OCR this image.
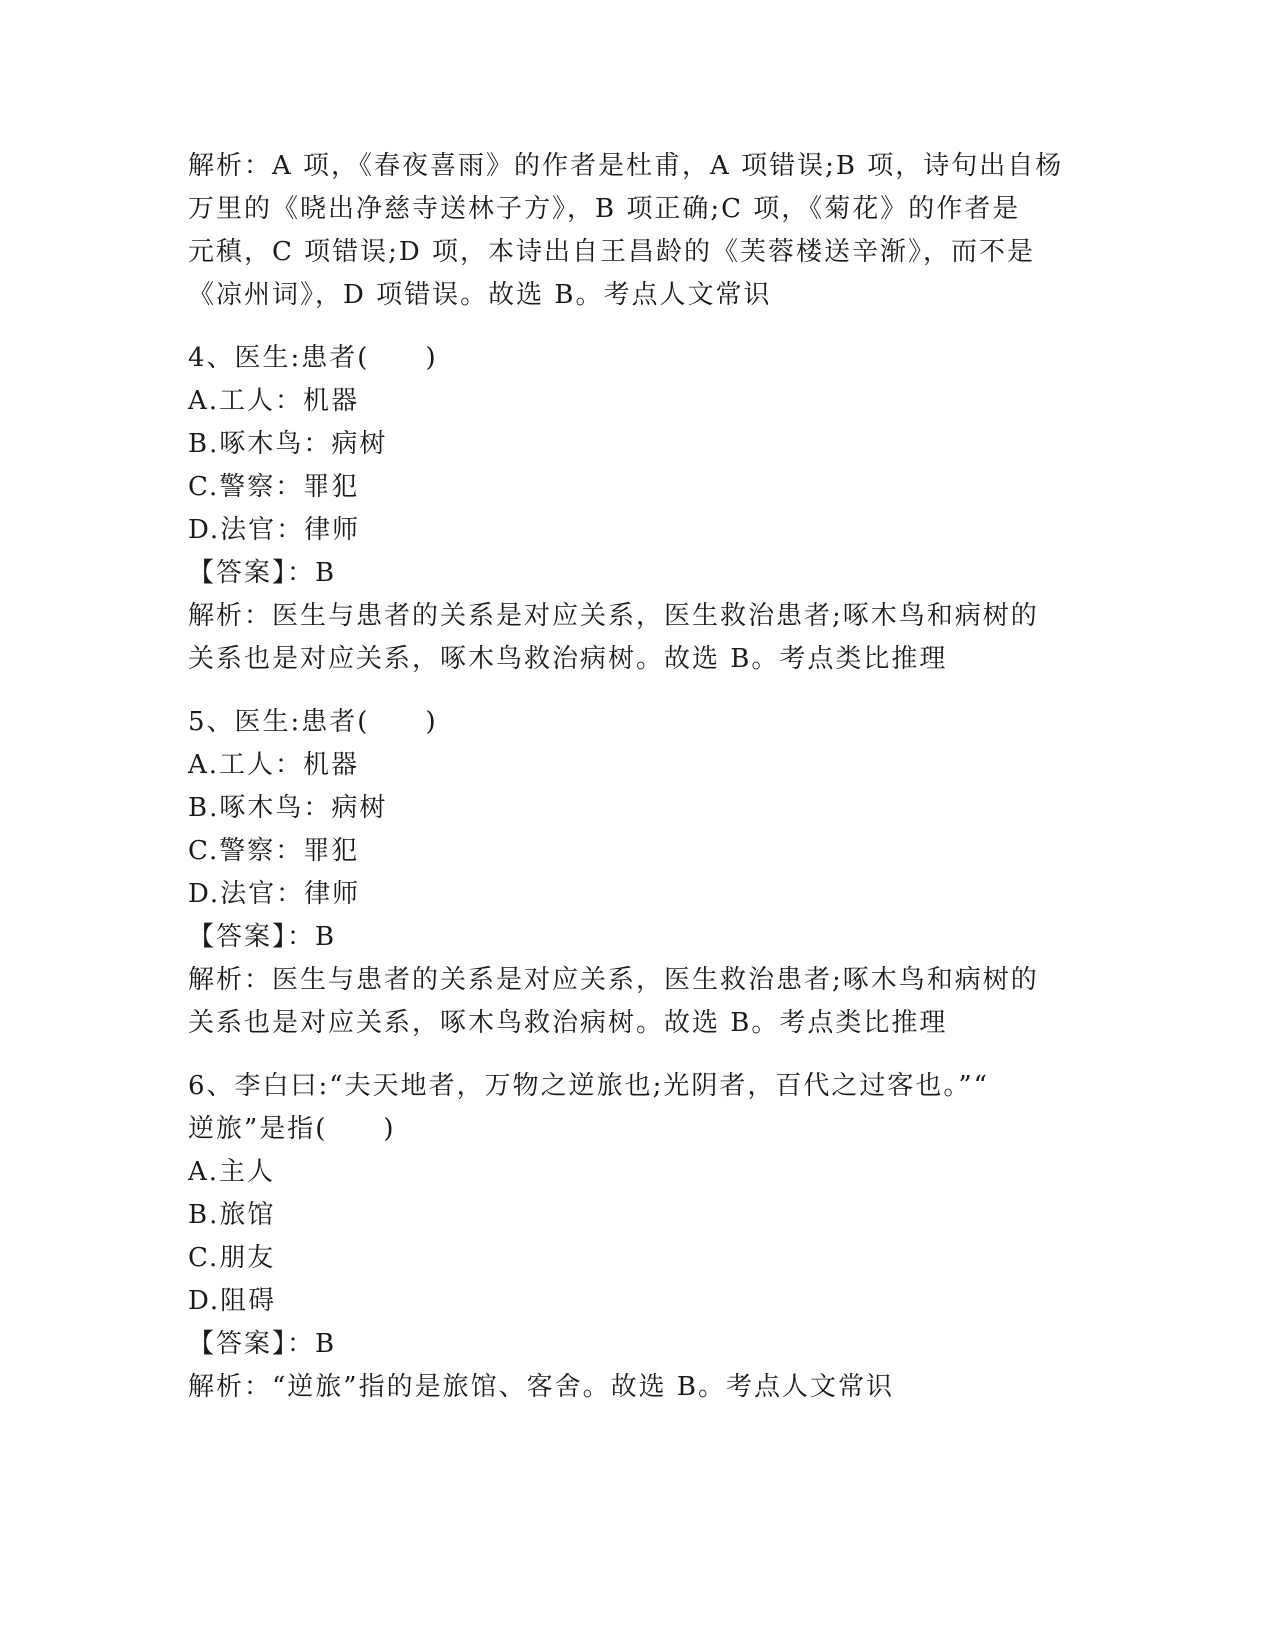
解析：A 项，《春夜喜雨》的作者是杜甫，A 项错误;B 项，诗句出自杨
万里的《晓出净慈寺送林子方》，B 项正确;C 项，《菊花》的作者是
元稹，C 项错误;D 项，本诗出自王昌龄的《芙蓉楼送辛渐》，而不是
《凉州词》，D 项错误。故选 B。考点人文常识
4、医生:患者(　　)
A.工人：机器
B.啄木鸟：病树
C.警察：罪犯
D.法官：律师
【答案】：B
解析：医生与患者的关系是对应关系，医生救治患者;啄木鸟和病树的
关系也是对应关系，啄木鸟救治病树。故选 B。考点类比推理
5、医生:患者(　　)
A.工人：机器
B.啄木鸟：病树
C.警察：罪犯
D.法官：律师
【答案】：B
解析：医生与患者的关系是对应关系，医生救治患者;啄木鸟和病树的
关系也是对应关系，啄木鸟救治病树。故选 B。考点类比推理
6、李白曰:“夫天地者，万物之逆旅也;光阴者，百代之过客也。”“
逆旅”是指(　　)
A.主人
B.旅馆
C.朋友
D.阻碍
【答案】：B
解析：“逆旅”指的是旅馆、客舍。故选 B。考点人文常识
